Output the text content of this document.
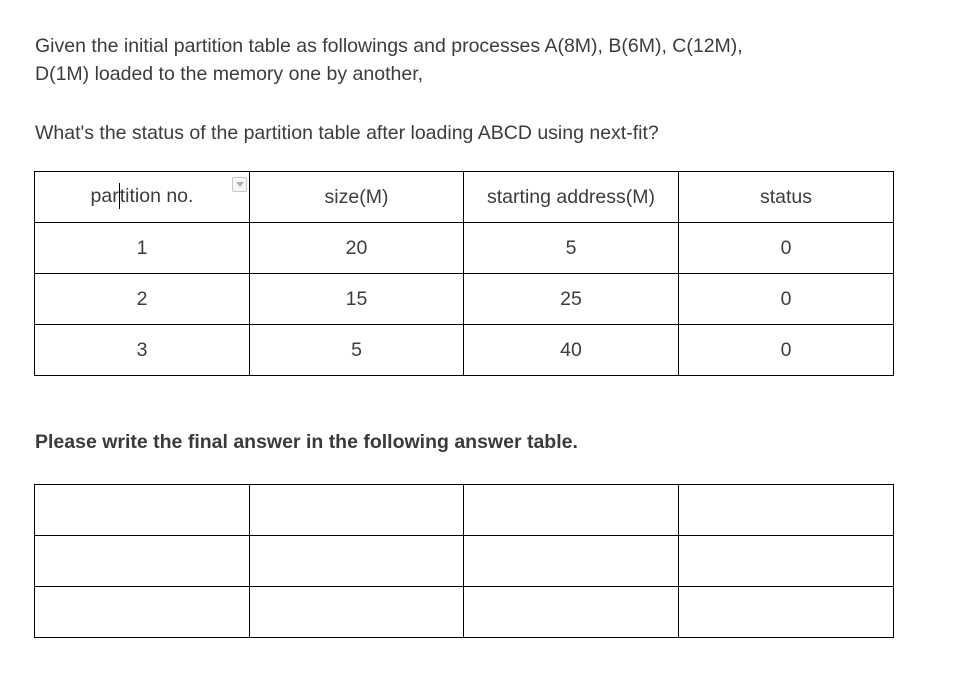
Given the initial partition table as followings and processes A(8M), B(6M), C(12M),
D(1M) loaded to the memory one by another,

What's the status of the partition table after loading ABCD using next-fit?

partition no.	size(M)	starting address(M)	status
1	20	5	0
2	15	25	0
3	5	40	0

Please write the final answer in the following answer table.
